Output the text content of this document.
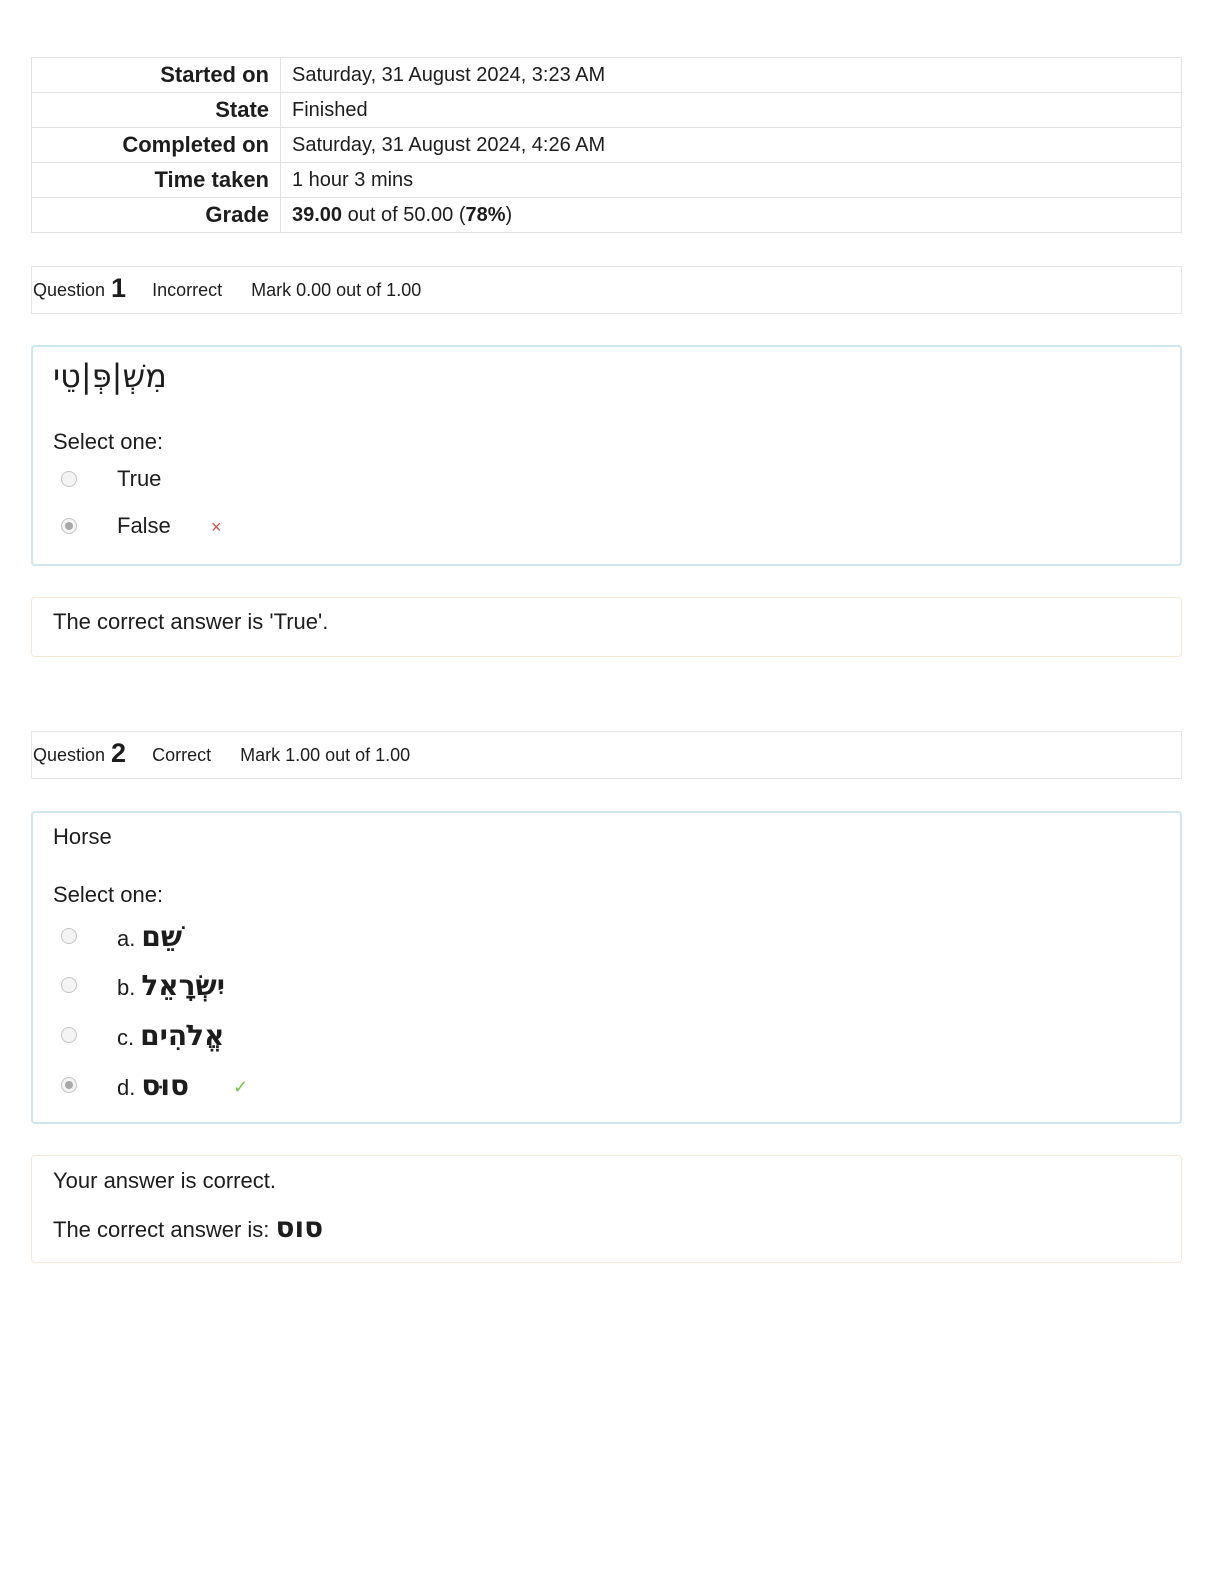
Started on	Saturday, 31 August 2024, 3:23 AM
State	Finished
Completed on	Saturday, 31 August 2024, 4:26 AM
Time taken	1 hour 3 mins
Grade	39.00 out of 50.00 (78%)
Question 1 Incorrect Mark 0.00 out of 1.00
מִשְׁ|פְּ|טֵי
Select one:
True
False ×
The correct answer is 'True'.
Question 2 Correct Mark 1.00 out of 1.00
Horse
Select one:
a. שֵׁם
b. יִשְׂרָאֵל
c. אֱלֹהִים
d. סוּס ✓
Your answer is correct.
The correct answer is: סוס
